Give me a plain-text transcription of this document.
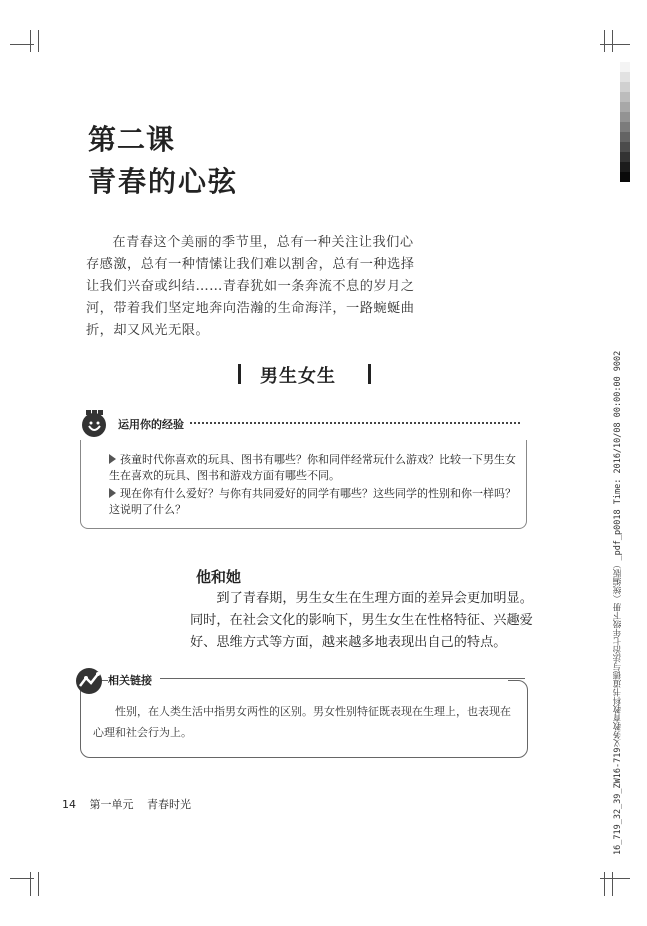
第二课
青春的心弦
在青春这个美丽的季节里，总有一种关注让我们心存感激，总有一种情愫让我们难以割舍，总有一种选择让我们兴奋或纠结……青春犹如一条奔流不息的岁月之河，带着我们坚定地奔向浩瀚的生命海洋，一路蜿蜒曲折，却又风光无限。
男生女生
运用你的经验
孩童时代你喜欢的玩具、图书有哪些？你和同伴经常玩什么游戏？比较一下男生女生在喜欢的玩具、图书和游戏方面有哪些不同。
现在你有什么爱好？与你有共同爱好的同学有哪些？这些同学的性别和你一样吗？这说明了什么？
他和她
到了青春期，男生女生在生理方面的差异会更加明显。同时，在社会文化的影响下，男生女生在性格特征、兴趣爱好、思维方式等方面，越来越多地表现出自己的特点。
性别，在人类生活中指男女两性的区别。男女性别特征既表现在生理上，也表现在心理和社会行为上。
相关链接
14 第一单元 青春时光	16_719_32_39_ZW16-719义务教育教科书道德与法治七年级下册（统编版）_pdf_p0018 Time: 2016/10/08 00:00:00 9002
